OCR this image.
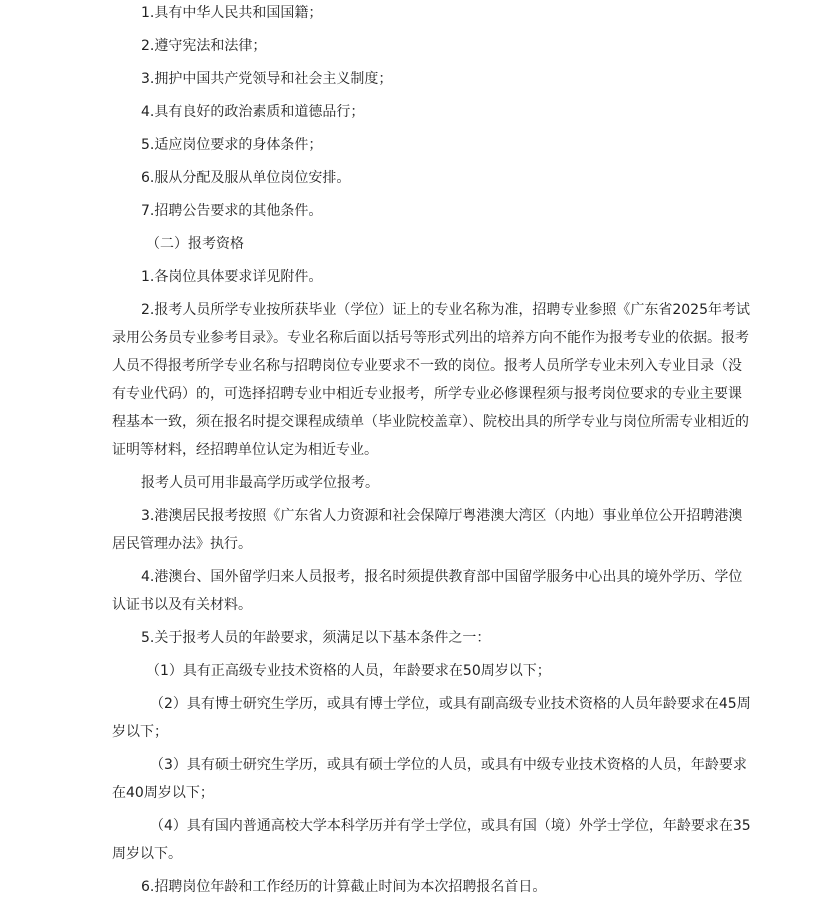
1.具有中华人民共和国国籍；

2.遵守宪法和法律；

3.拥护中国共产党领导和社会主义制度；

4.具有良好的政治素质和道德品行；

5.适应岗位要求的身体条件；

6.服从分配及服从单位岗位安排。

7.招聘公告要求的其他条件。

（二）报考资格

1.各岗位具体要求详见附件。

2.报考人员所学专业按所获毕业（学位）证上的专业名称为准，招聘专业参照《广东省2025年考试录用公务员专业参考目录》。专业名称后面以括号等形式列出的培养方向不能作为报考专业的依据。报考人员不得报考所学专业名称与招聘岗位专业要求不一致的岗位。报考人员所学专业未列入专业目录（没有专业代码）的，可选择招聘专业中相近专业报考，所学专业必修课程须与报考岗位要求的专业主要课程基本一致，须在报名时提交课程成绩单（毕业院校盖章）、院校出具的所学专业与岗位所需专业相近的证明等材料，经招聘单位认定为相近专业。

报考人员可用非最高学历或学位报考。

3.港澳居民报考按照《广东省人力资源和社会保障厅粤港澳大湾区（内地）事业单位公开招聘港澳居民管理办法》执行。

4.港澳台、国外留学归来人员报考，报名时须提供教育部中国留学服务中心出具的境外学历、学位认证书以及有关材料。

5.关于报考人员的年龄要求，须满足以下基本条件之一：

（1）具有正高级专业技术资格的人员，年龄要求在50周岁以下；

（2）具有博士研究生学历，或具有博士学位，或具有副高级专业技术资格的人员年龄要求在45周岁以下；

（3）具有硕士研究生学历，或具有硕士学位的人员，或具有中级专业技术资格的人员，年龄要求在40周岁以下；

（4）具有国内普通高校大学本科学历并有学士学位，或具有国（境）外学士学位，年龄要求在35周岁以下。

6.招聘岗位年龄和工作经历的计算截止时间为本次招聘报名首日。
